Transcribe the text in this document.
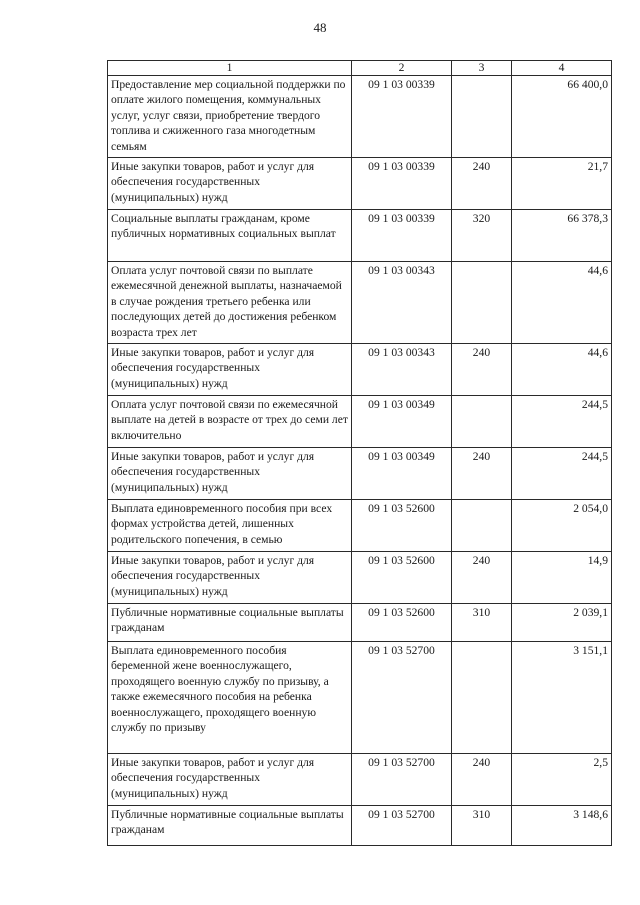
48
1	2	3	4
Предоставление мер социальной поддержки по оплате жилого помещения, коммунальных услуг, услуг связи, приобретение твердого топлива и сжиженного газа многодетным семьям	09 1 03 00339		66 400,0
Иные закупки товаров, работ и услуг для обеспечения государственных (муниципальных) нужд	09 1 03 00339	240	21,7
Социальные выплаты гражданам, кроме публичных нормативных социальных выплат	09 1 03 00339	320	66 378,3
Оплата услуг почтовой связи по выплате ежемесячной денежной выплаты, назначаемой в случае рождения третьего ребенка или последующих детей до достижения ребенком возраста трех лет	09 1 03 00343		44,6
Иные закупки товаров, работ и услуг для обеспечения государственных (муниципальных) нужд	09 1 03 00343	240	44,6
Оплата услуг почтовой связи по ежемесячной выплате на детей в возрасте от трех до семи лет включительно	09 1 03 00349		244,5
Иные закупки товаров, работ и услуг для обеспечения государственных (муниципальных) нужд	09 1 03 00349	240	244,5
Выплата единовременного пособия при всех формах устройства детей, лишенных родительского попечения, в семью	09 1 03 52600		2 054,0
Иные закупки товаров, работ и услуг для обеспечения государственных (муниципальных) нужд	09 1 03 52600	240	14,9
Публичные нормативные социальные выплаты гражданам	09 1 03 52600	310	2 039,1
Выплата единовременного пособия беременной жене военнослужащего, проходящего военную службу по призыву, а также ежемесячного пособия на ребенка военнослужащего, проходящего военную службу по призыву	09 1 03 52700		3 151,1
Иные закупки товаров, работ и услуг для обеспечения государственных (муниципальных) нужд	09 1 03 52700	240	2,5
Публичные нормативные социальные выплаты гражданам	09 1 03 52700	310	3 148,6
